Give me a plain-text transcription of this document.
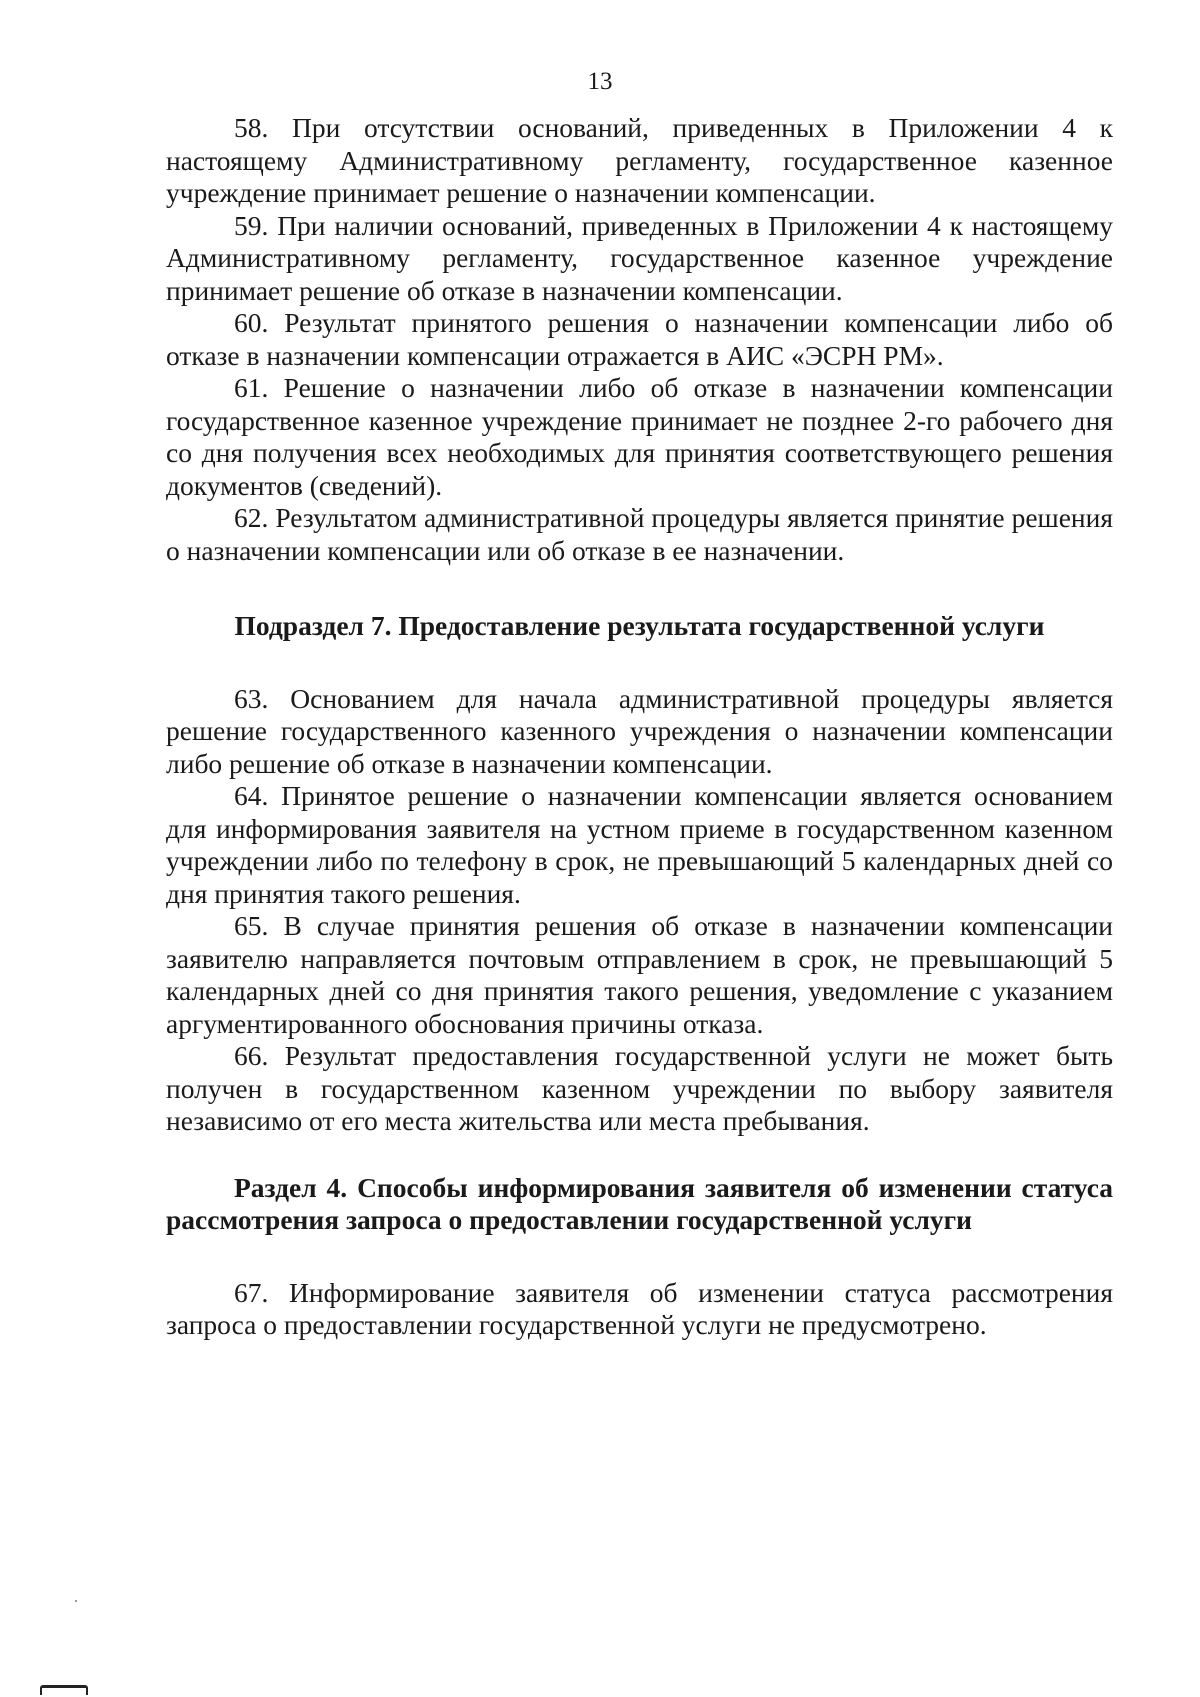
13

58. При отсутствии оснований, приведенных в Приложении 4 к настоящему Административному регламенту, государственное казенное учреждение принимает решение о назначении компенсации.

59. При наличии оснований, приведенных в Приложении 4 к настоящему Административному регламенту, государственное казенное учреждение принимает решение об отказе в назначении компенсации.

60. Результат принятого решения о назначении компенсации либо об отказе в назначении компенсации отражается в АИС «ЭСРН РМ».

61. Решение о назначении либо об отказе в назначении компенсации государственное казенное учреждение принимает не позднее 2-го рабочего дня со дня получения всех необходимых для принятия соответствующего решения документов (сведений).

62. Результатом административной процедуры является принятие решения о назначении компенсации или об отказе в ее назначении.

Подраздел 7. Предоставление результата государственной услуги

63. Основанием для начала административной процедуры является решение государственного казенного учреждения о назначении компенсации либо решение об отказе в назначении компенсации.

64. Принятое решение о назначении компенсации является основанием для информирования заявителя на устном приеме в государственном казенном учреждении либо по телефону в срок, не превышающий 5 календарных дней со дня принятия такого решения.

65. В случае принятия решения об отказе в назначении компенсации заявителю направляется почтовым отправлением в срок, не превышающий 5 календарных дней со дня принятия такого решения, уведомление с указанием аргументированного обоснования причины отказа.

66. Результат предоставления государственной услуги не может быть получен в государственном казенном учреждении по выбору заявителя независимо от его места жительства или места пребывания.

Раздел 4. Способы информирования заявителя об изменении статуса рассмотрения запроса о предоставлении государственной услуги

67. Информирование заявителя об изменении статуса рассмотрения запроса о предоставлении государственной услуги не предусмотрено.
